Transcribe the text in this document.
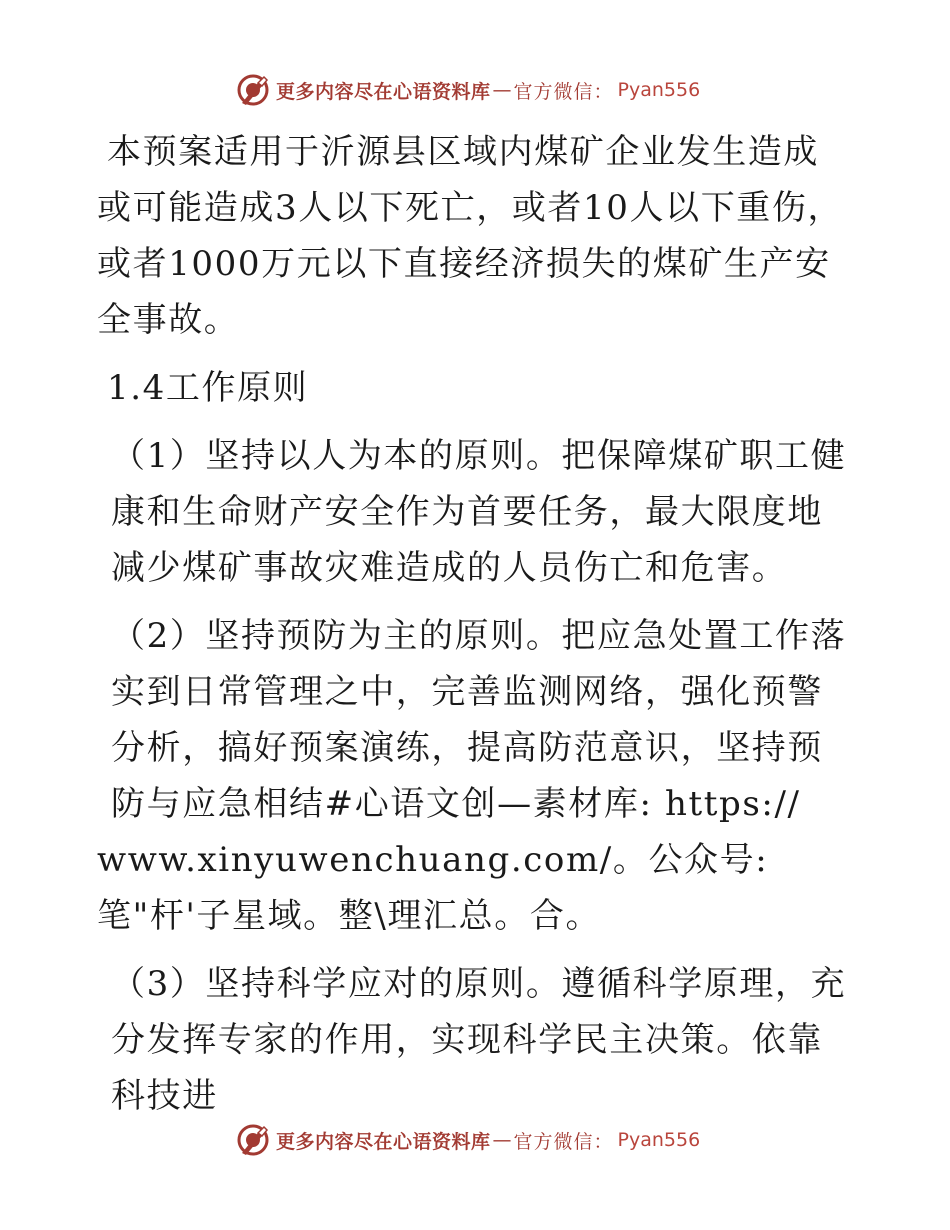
更多内容尽在心语资料库 — 官方微信： Pyan556

本预案适用于沂源县区域内煤矿企业发生造成或可能造成3人以下死亡，或者10人以下重伤，或者1000万元以下直接经济损失的煤矿生产安全事故。

1.4工作原则

（1）坚持以人为本的原则。把保障煤矿职工健康和生命财产安全作为首要任务，最大限度地减少煤矿事故灾难造成的人员伤亡和危害。

（2）坚持预防为主的原则。把应急处置工作落实到日常管理之中，完善监测网络，强化预警分析，搞好预案演练，提高防范意识，坚持预防与应急相结#心语文创—素材库: https://

www.xinyuwenchuang.com/。公众号: 笔"杆'子星域。整\理汇总。合。

（3）坚持科学应对的原则。遵循科学原理，充分发挥专家的作用，实现科学民主决策。依靠科技进

更多内容尽在心语资料库 — 官方微信： Pyan556
